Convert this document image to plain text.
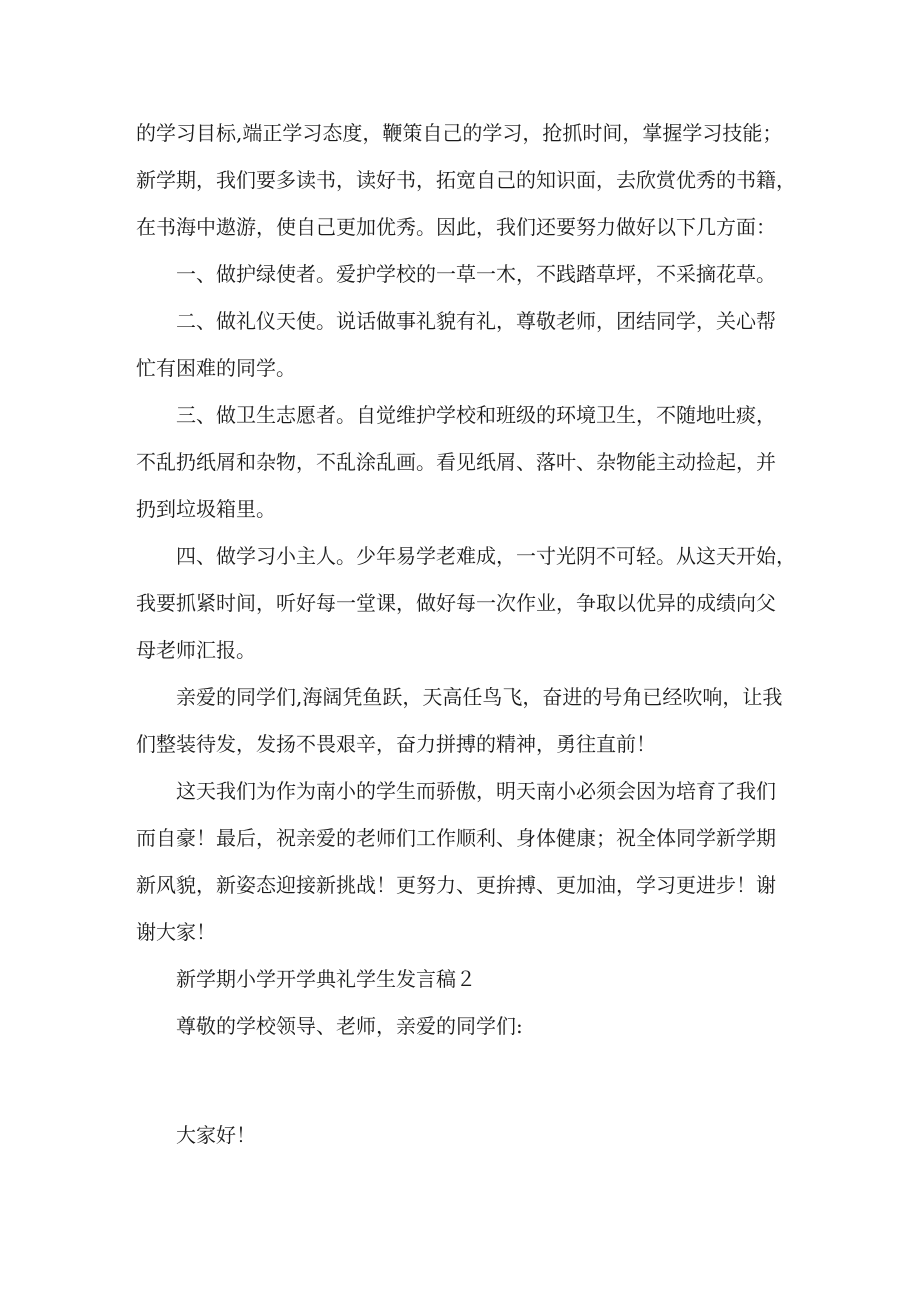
的学习目标,端正学习态度，鞭策自己的学习，抢抓时间，掌握学习技能；

新学期，我们要多读书，读好书，拓宽自己的知识面，去欣赏优秀的书籍，

在书海中遨游，使自己更加优秀。因此，我们还要努力做好以下几方面：

一、做护绿使者。爱护学校的一草一木，不践踏草坪，不采摘花草。

二、做礼仪天使。说话做事礼貌有礼，尊敬老师，团结同学，关心帮

忙有困难的同学。

三、做卫生志愿者。自觉维护学校和班级的环境卫生，不随地吐痰，

不乱扔纸屑和杂物，不乱涂乱画。看见纸屑、落叶、杂物能主动捡起，并

扔到垃圾箱里。

四、做学习小主人。少年易学老难成，一寸光阴不可轻。从这天开始，

我要抓紧时间，听好每一堂课，做好每一次作业，争取以优异的成绩向父

母老师汇报。

亲爱的同学们,海阔凭鱼跃，天高任鸟飞，奋进的号角已经吹响，让我

们整装待发，发扬不畏艰辛，奋力拼搏的精神，勇往直前！

这天我们为作为南小的学生而骄傲，明天南小必须会因为培育了我们

而自豪！最后，祝亲爱的老师们工作顺利、身体健康；祝全体同学新学期

新风貌，新姿态迎接新挑战！更努力、更拚搏、更加油，学习更进步！谢

谢大家！

新学期小学开学典礼学生发言稿２

尊敬的学校领导、老师，亲爱的同学们:

大家好！
